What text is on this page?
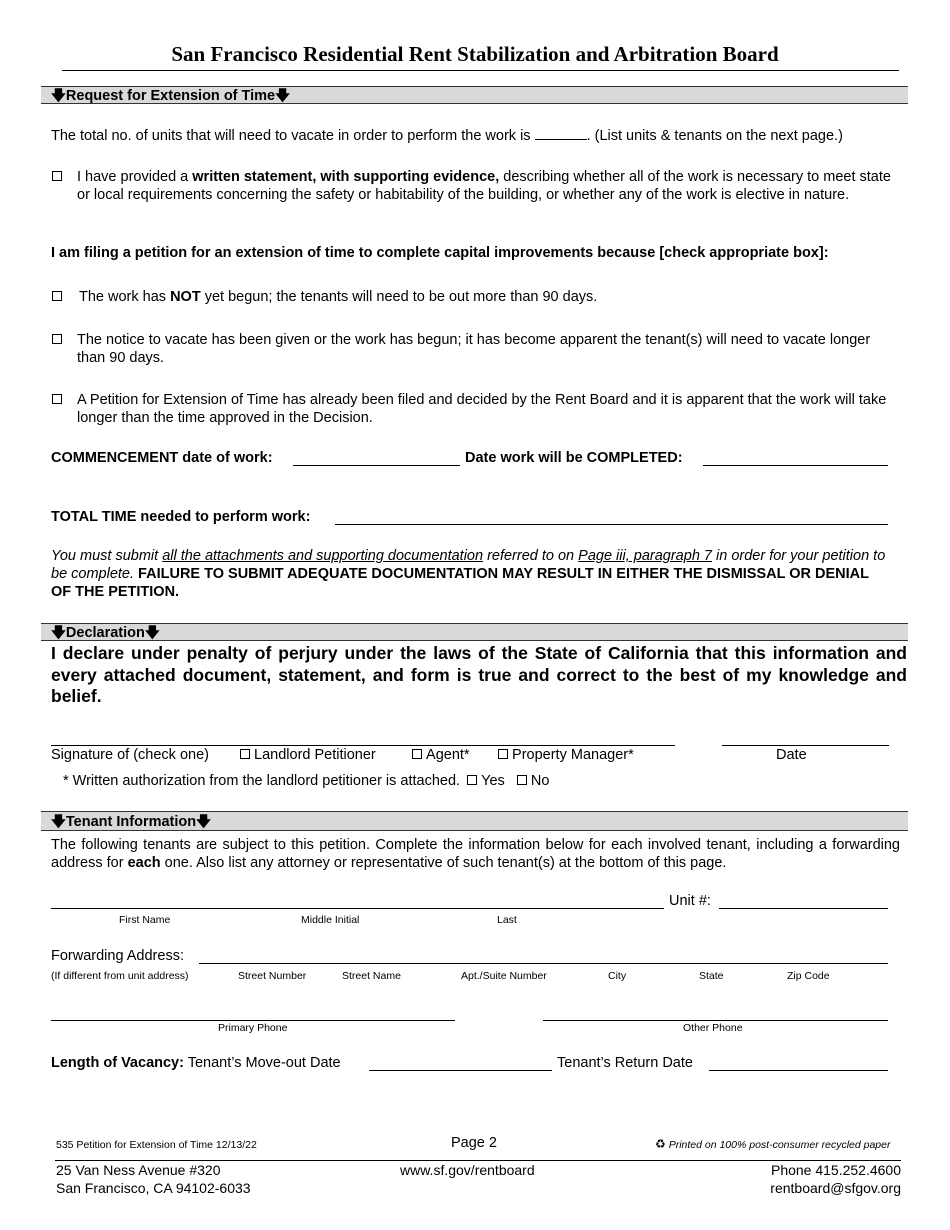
San Francisco Residential Rent Stabilization and Arbitration Board
🡇Request for Extension of Time🡇
The total no. of units that will need to vacate in order to perform the work is	. (List units & tenants on the next page.)
I have provided a written statement, with supporting evidence, describing whether all of the work is necessary to meet state or local requirements concerning the safety or habitability of the building, or whether any of the work is elective in nature.
I am filing a petition for an extension of time to complete capital improvements because [check appropriate box]:
The work has NOT yet begun; the tenants will need to be out more than 90 days.
The notice to vacate has been given or the work has begun; it has become apparent the tenant(s) will need to vacate longer than 90 days.
A Petition for Extension of Time has already been filed and decided by the Rent Board and it is apparent that the work will take longer than the time approved in the Decision.
COMMENCEMENT date of work:	Date work will be COMPLETED:
TOTAL TIME needed to perform work:
You must submit all the attachments and supporting documentation referred to on Page iii, paragraph 7 in order for your petition to be complete. FAILURE TO SUBMIT ADEQUATE DOCUMENTATION MAY RESULT IN EITHER THE DISMISSAL OR DENIAL OF THE PETITION.
🡇Declaration🡇
I declare under penalty of perjury under the laws of the State of California that this information and every attached document, statement, and form is true and correct to the best of my knowledge and belief.
Signature of (check one)	Landlord Petitioner	Agent*	Property Manager*	Date
* Written authorization from the landlord petitioner is attached. Yes No
🡇Tenant Information🡇
The following tenants are subject to this petition. Complete the information below for each involved tenant, including a forwarding address for each one. Also list any attorney or representative of such tenant(s) at the bottom of this page.
Unit #:
First Name	Middle Initial	Last
Forwarding Address:
(If different from unit address)	Street Number	Street Name	Apt./Suite Number	City	State	Zip Code
Primary Phone	Other Phone
Length of Vacancy: Tenant’s Move-out Date	Tenant’s Return Date
535 Petition for Extension of Time 12/13/22	Page 2	♻ Printed on 100% post-consumer recycled paper
25 Van Ness Avenue #320
San Francisco, CA 94102-6033
www.sf.gov/rentboard	Phone 415.252.4600
rentboard@sfgov.org
